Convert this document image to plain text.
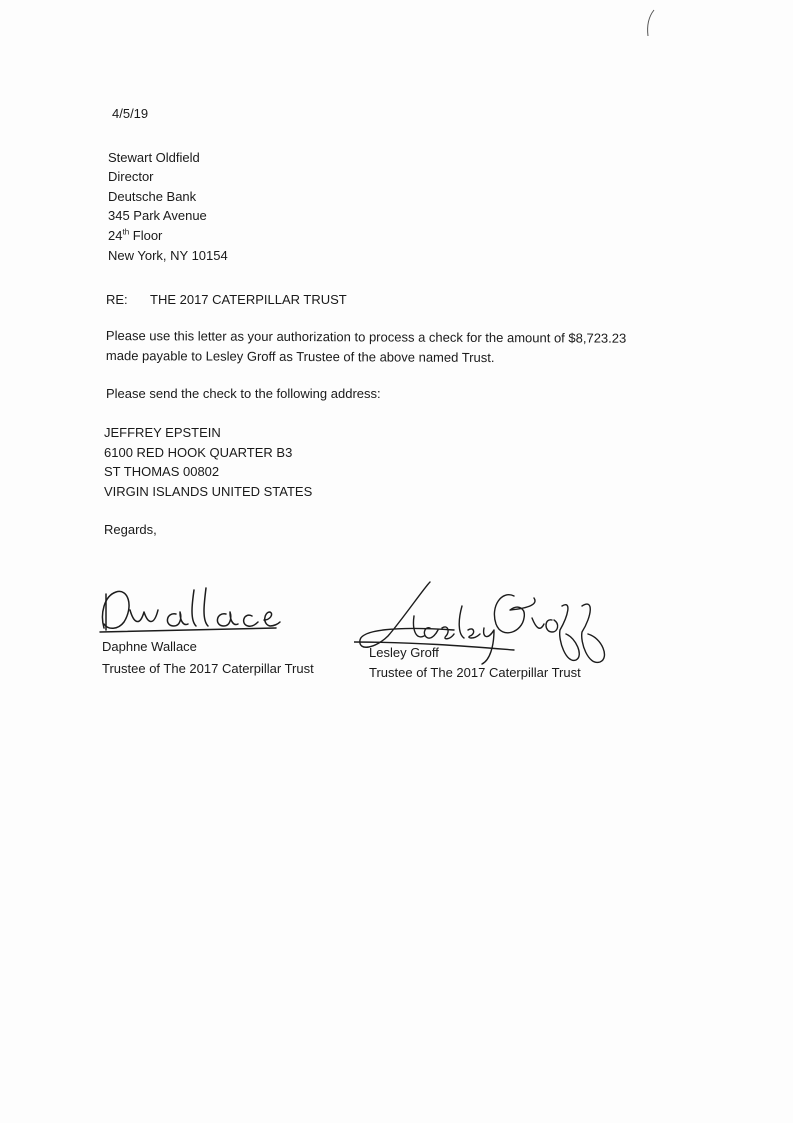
4/5/19
Stewart Oldfield
Director
Deutsche Bank
345 Park Avenue
24th Floor
New York, NY 10154
RE: THE 2017 CATERPILLAR TRUST
Please use this letter as your authorization to process a check for the amount of $8,723.23
made payable to Lesley Groff as Trustee of the above named Trust.
Please send the check to the following address:
JEFFREY EPSTEIN
6100 RED HOOK QUARTER B3
ST THOMAS 00802
VIRGIN ISLANDS UNITED STATES
Regards,
Daphne Wallace
Trustee of The 2017 Caterpillar Trust
Lesley Groff
Trustee of The 2017 Caterpillar Trust
